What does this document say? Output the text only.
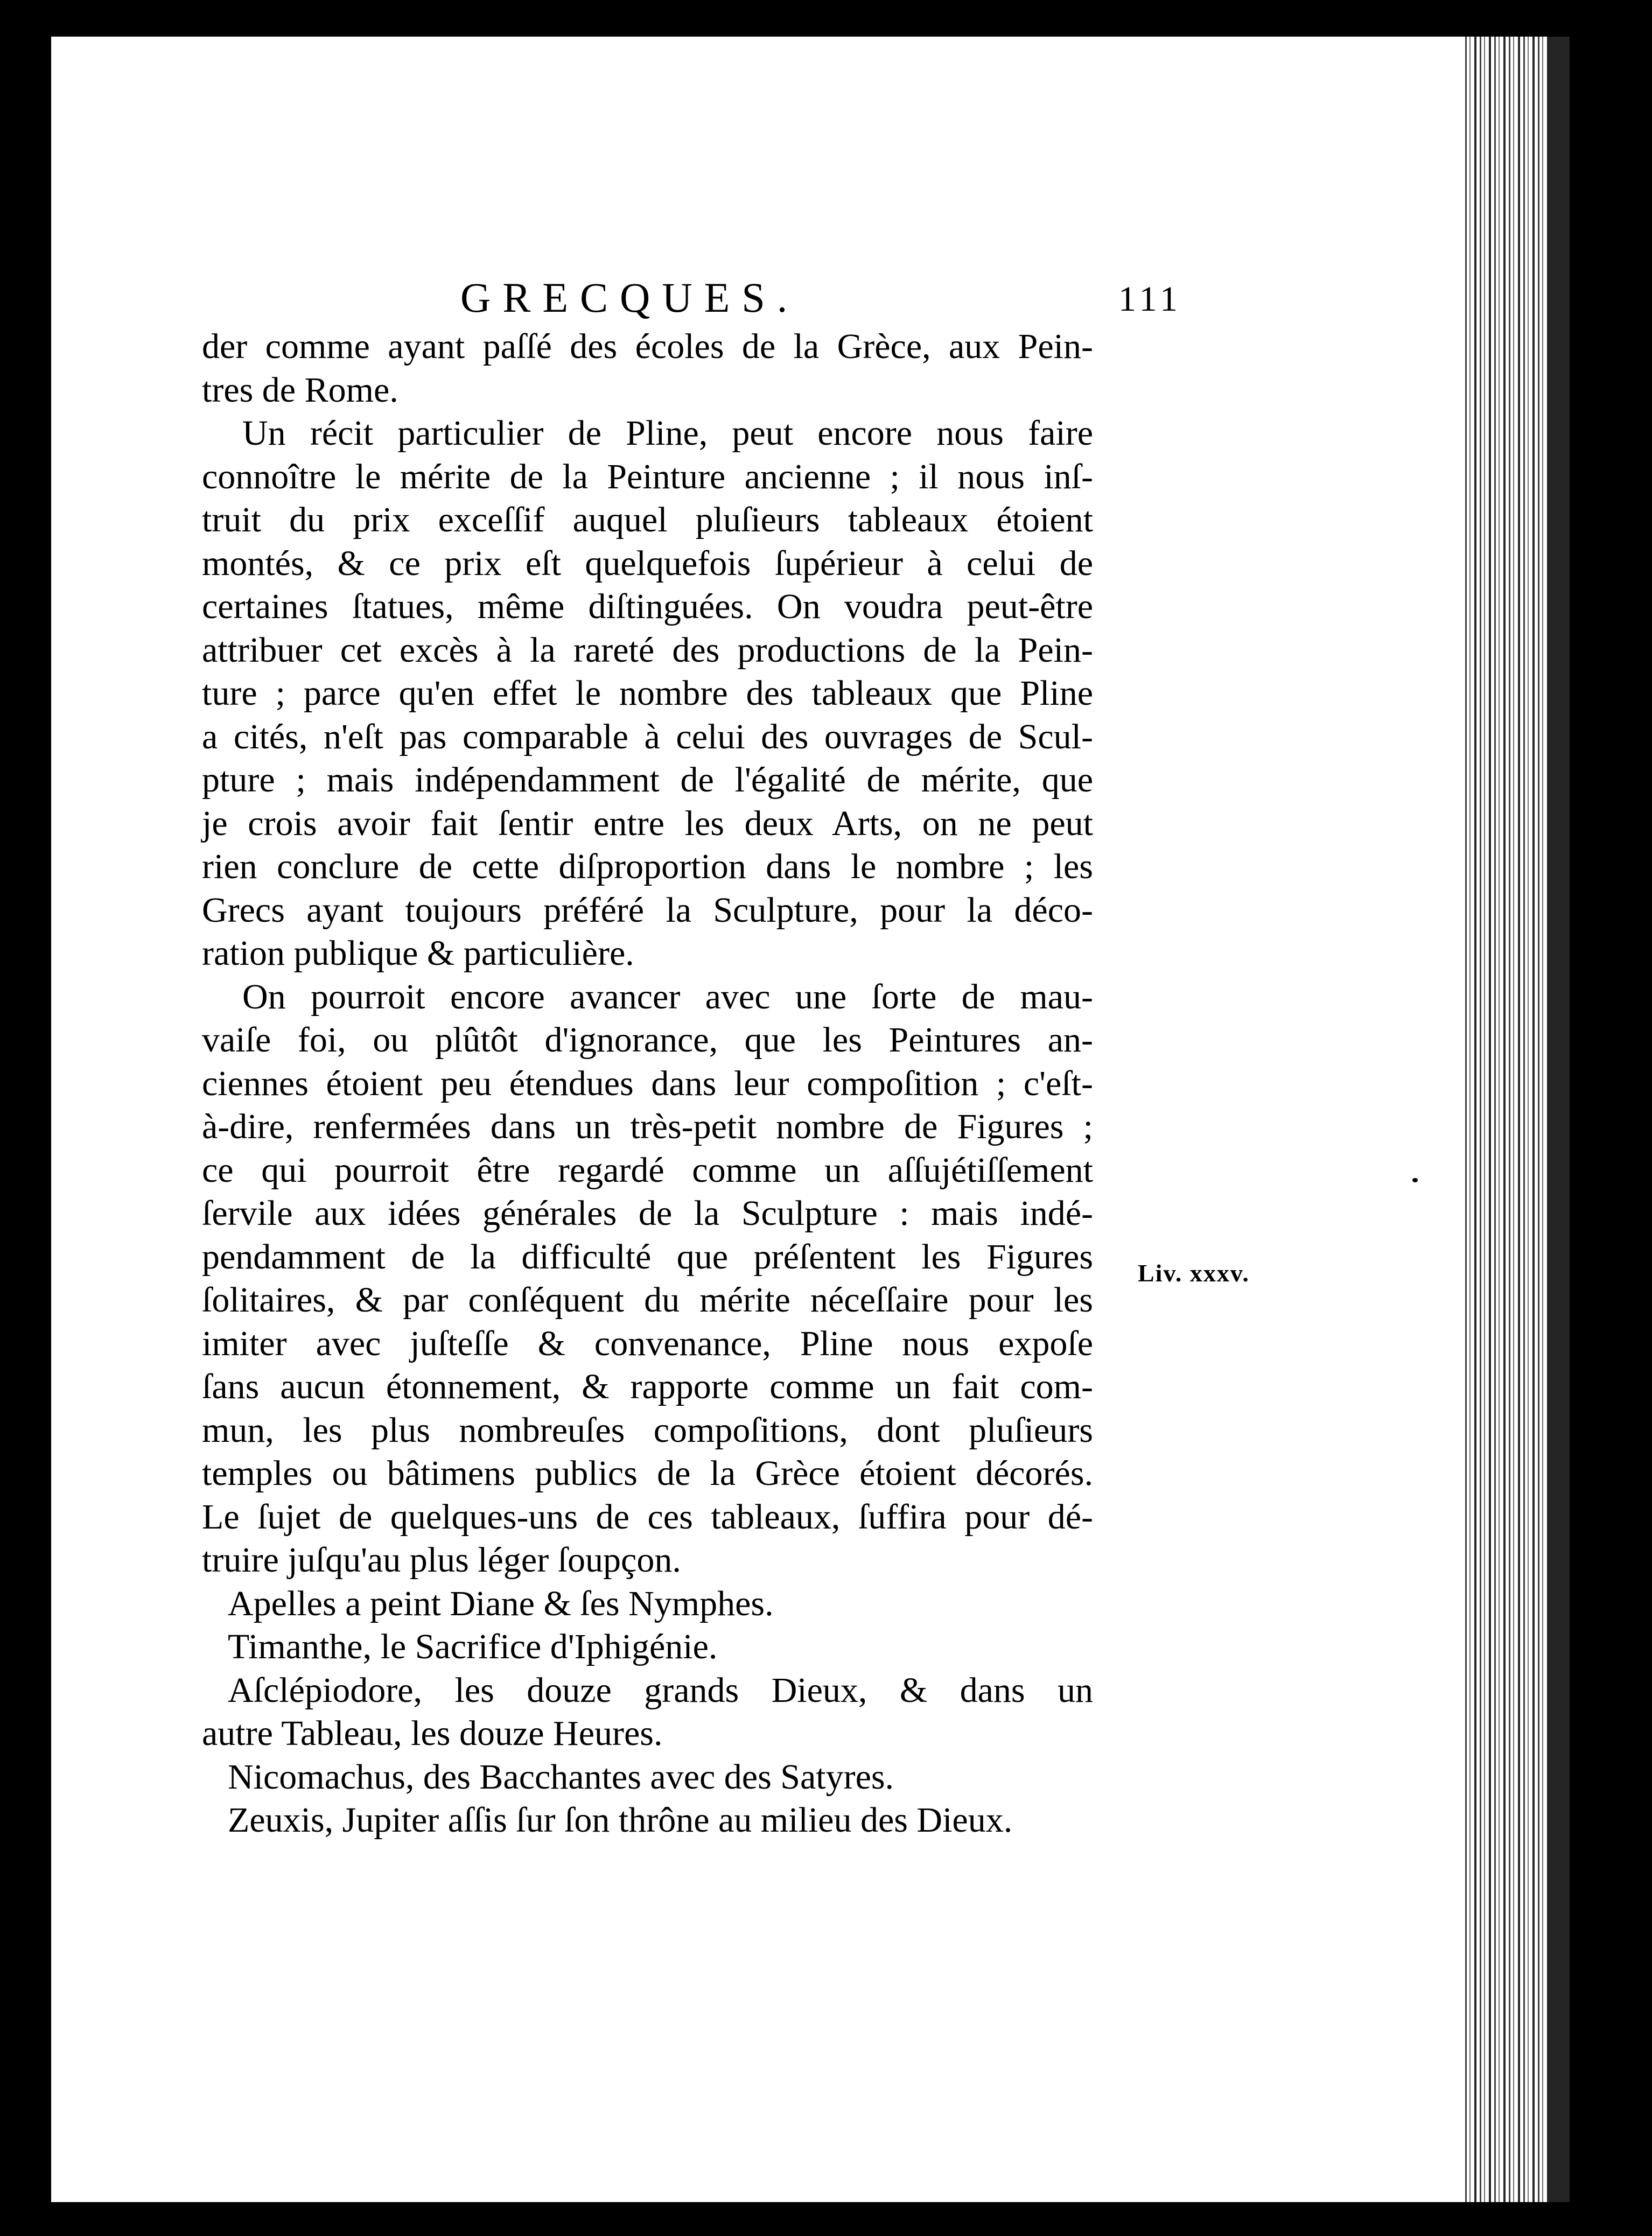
GRECQUES.	111
der comme ayant paſſé des écoles de la Grèce, aux Pein-
tres de Rome.
Un récit particulier de Pline, peut encore nous faire
connoître le mérite de la Peinture ancienne ; il nous inſ-
truit du prix exceſſif auquel pluſieurs tableaux étoient
montés, & ce prix eſt quelquefois ſupérieur à celui de
certaines ſtatues, même diſtinguées. On voudra peut-être
attribuer cet excès à la rareté des productions de la Pein-
ture ; parce qu'en effet le nombre des tableaux que Pline
a cités, n'eſt pas comparable à celui des ouvrages de Scul-
pture ; mais indépendamment de l'égalité de mérite, que
je crois avoir fait ſentir entre les deux Arts, on ne peut
rien conclure de cette diſproportion dans le nombre ; les
Grecs ayant toujours préféré la Sculpture, pour la déco-
ration publique & particulière.
On pourroit encore avancer avec une ſorte de mau-
vaiſe foi, ou plûtôt d'ignorance, que les Peintures an-
ciennes étoient peu étendues dans leur compoſition ; c'eſt-
à-dire, renfermées dans un très-petit nombre de Figures ;
ce qui pourroit être regardé comme un aſſujétiſſement
ſervile aux idées générales de la Sculpture : mais indé-
pendamment de la difficulté que préſentent les Figures
ſolitaires, & par conſéquent du mérite néceſſaire pour les
imiter avec juſteſſe & convenance, Pline nous expoſe
ſans aucun étonnement, & rapporte comme un fait com-
mun, les plus nombreuſes compoſitions, dont pluſieurs
temples ou bâtimens publics de la Grèce étoient décorés.
Le ſujet de quelques-uns de ces tableaux, ſuffira pour dé-
truire juſqu'au plus léger ſoupçon.
Apelles a peint Diane & ſes Nymphes.
Timanthe, le Sacrifice d'Iphigénie.
Aſclépiodore, les douze grands Dieux, & dans un
autre Tableau, les douze Heures.
Nicomachus, des Bacchantes avec des Satyres.
Zeuxis, Jupiter aſſis ſur ſon thrône au milieu des Dieux.
Liv. xxxv.
